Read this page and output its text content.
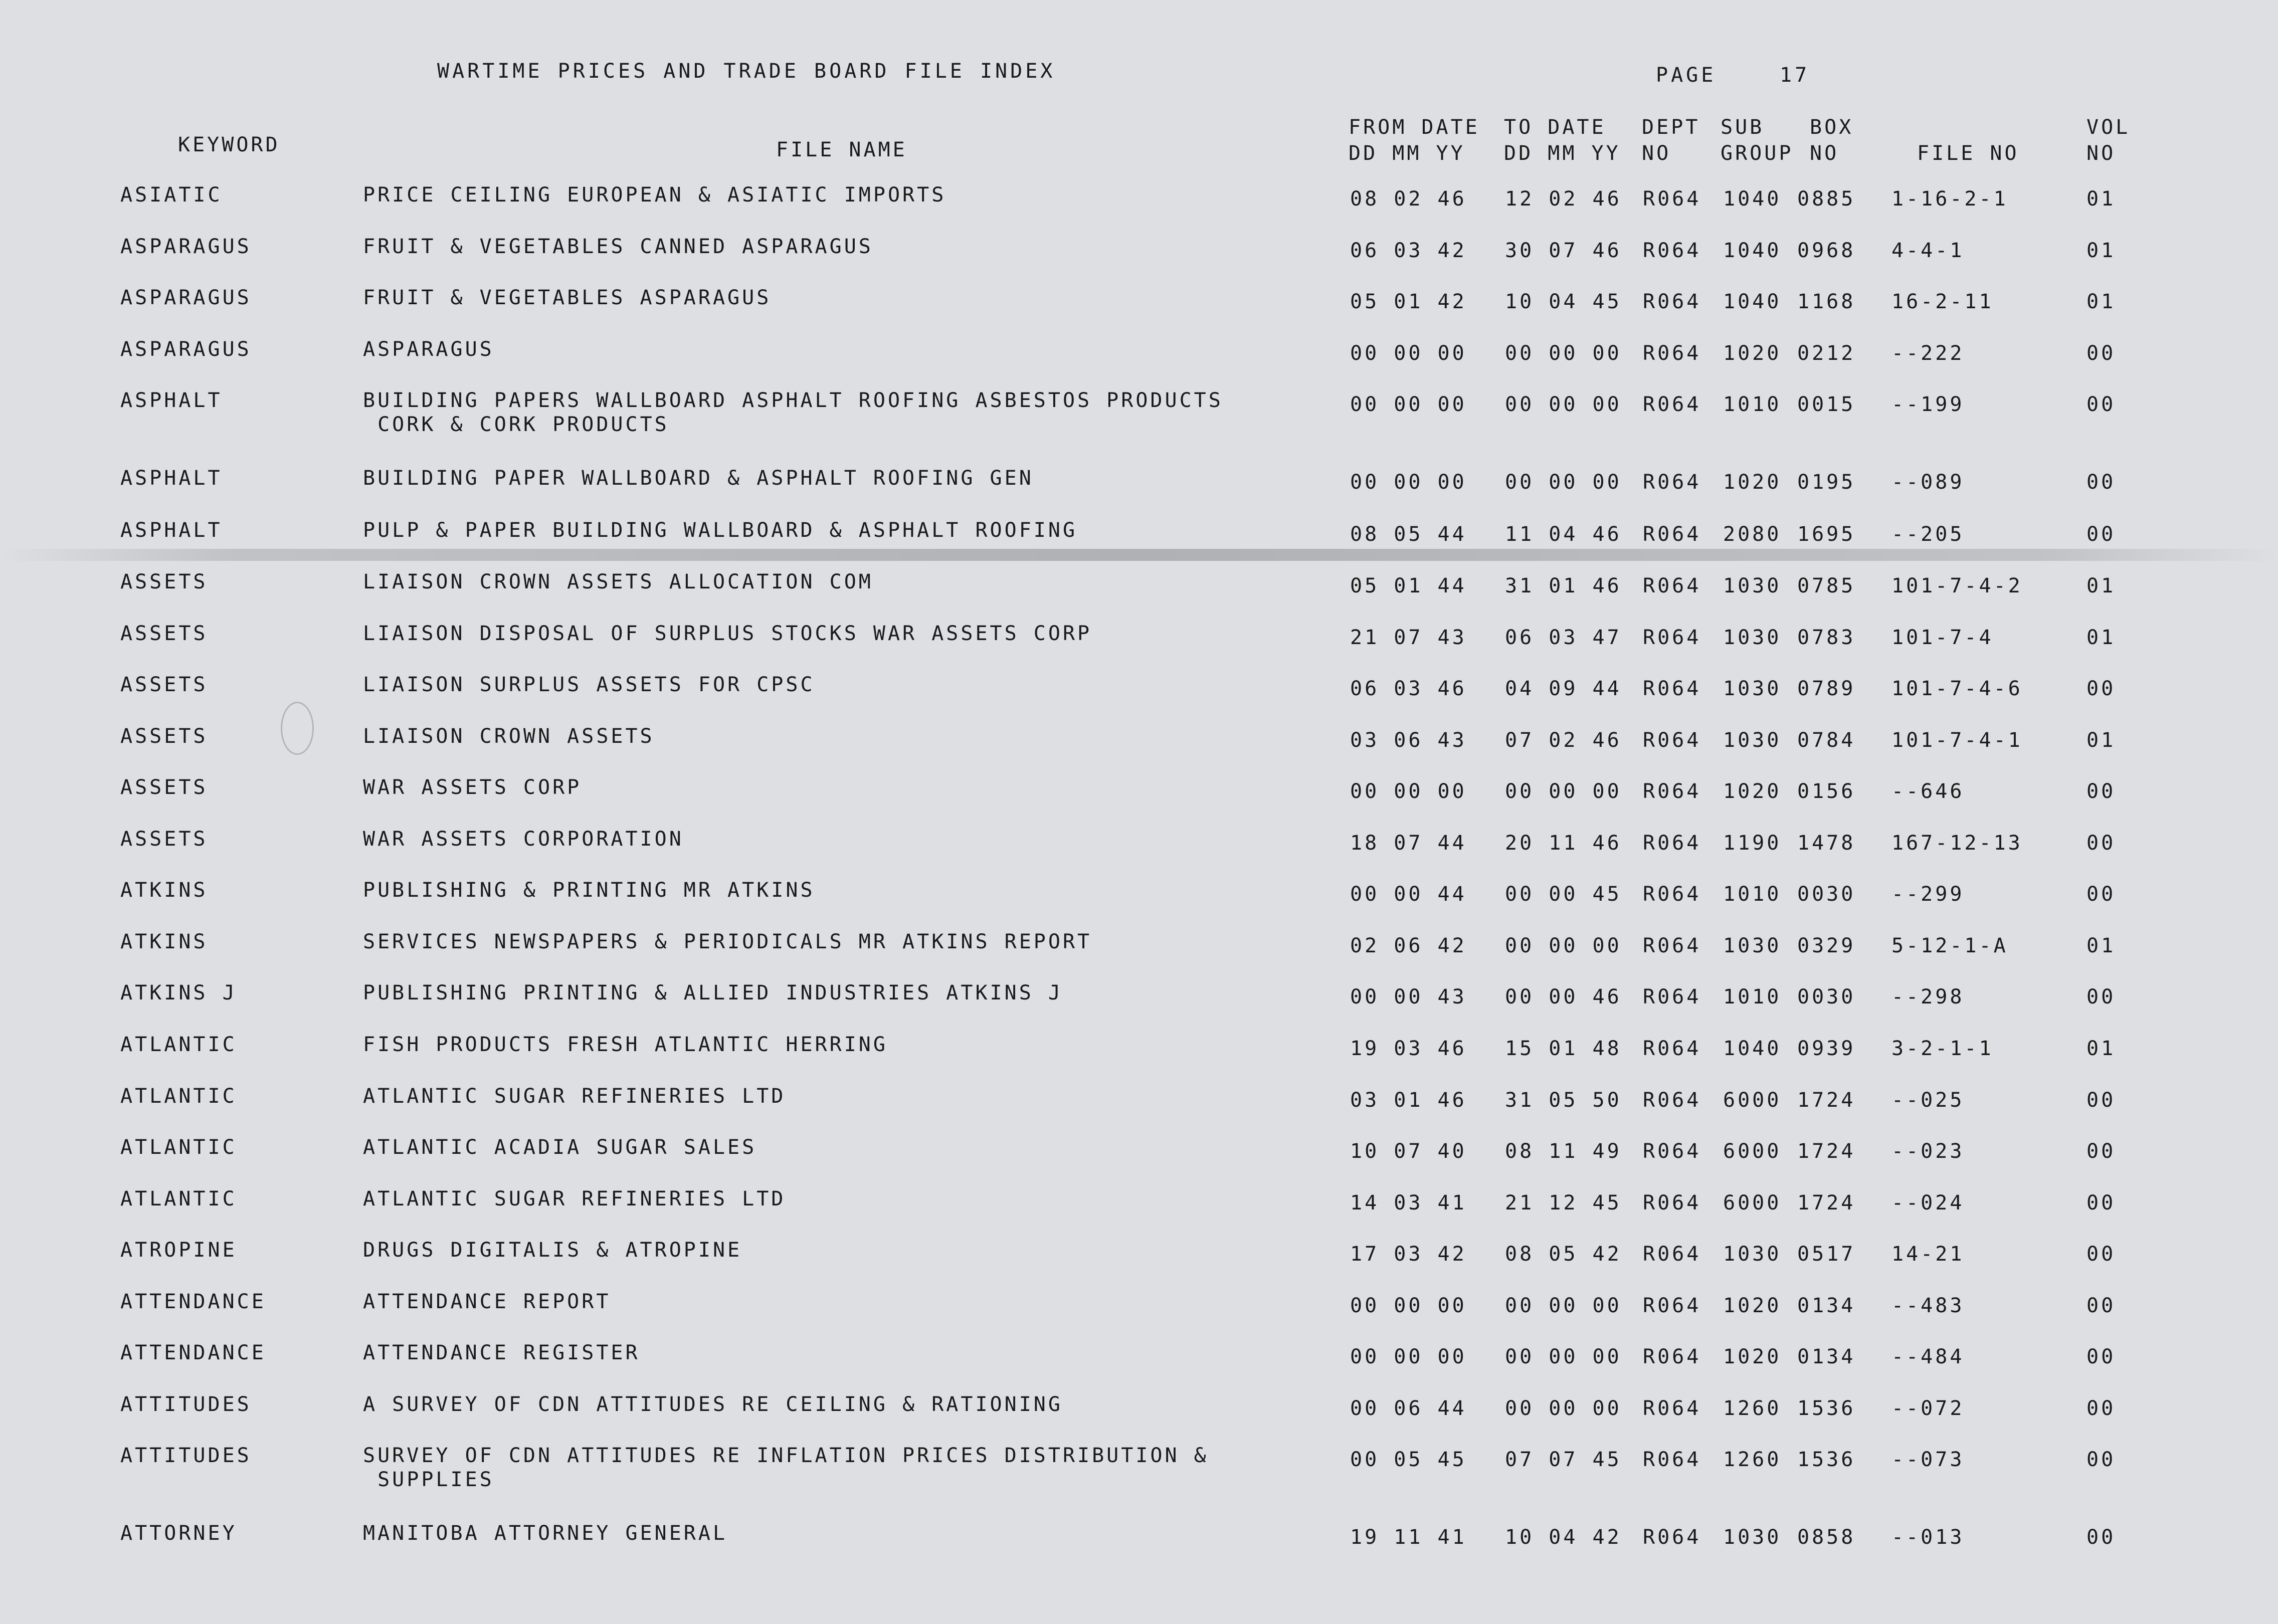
WARTIME PRICES AND TRADE BOARD FILE INDEX	PAGE	17
KEYWORD	FILE NAME
FROM DATE
DD MM YY
TO DATE
DD MM YY
DEPT
NO
SUB
GROUP
BOX
NO	FILE NO
VOL
NO
ASIATIC	PRICE CEILING EUROPEAN & ASIATIC IMPORTS	08 02 46 12 02 46 R064 1040 0885 1-16-2-1	01
ASPARAGUS	FRUIT & VEGETABLES CANNED ASPARAGUS	06 03 42 30 07 46 R064 1040 0968 4-4-1	01
ASPARAGUS	FRUIT & VEGETABLES ASPARAGUS	05 01 42 10 04 45 R064 1040 1168 16-2-11	01
ASPARAGUS	ASPARAGUS	00 00 00 00 00 00 R064 1020 0212 --222	00
ASPHALT	BUILDING PAPERS WALLBOARD ASPHALT ROOFING ASBESTOS PRODUCTS
CORK & CORK PRODUCTS
00 00 00 00 00 00 R064 1010 0015 --199	00
ASPHALT	BUILDING PAPER WALLBOARD & ASPHALT ROOFING GEN	00 00 00 00 00 00 R064 1020 0195 --089	00
ASPHALT	PULP & PAPER BUILDING WALLBOARD & ASPHALT ROOFING	08 05 44 11 04 46 R064 2080 1695 --205	00
ASSETS	LIAISON CROWN ASSETS ALLOCATION COM	05 01 44 31 01 46 R064 1030 0785 101-7-4-2	01
ASSETS	LIAISON DISPOSAL OF SURPLUS STOCKS WAR ASSETS CORP	21 07 43 06 03 47 R064 1030 0783 101-7-4	01
ASSETS	LIAISON SURPLUS ASSETS FOR CPSC	06 03 46 04 09 44 R064 1030 0789 101-7-4-6	00
ASSETS	LIAISON CROWN ASSETS	03 06 43 07 02 46 R064 1030 0784 101-7-4-1	01
ASSETS	WAR ASSETS CORP	00 00 00 00 00 00 R064 1020 0156 --646	00
ASSETS	WAR ASSETS CORPORATION	18 07 44 20 11 46 R064 1190 1478 167-12-13	00
ATKINS	PUBLISHING & PRINTING MR ATKINS	00 00 44 00 00 45 R064 1010 0030 --299	00
ATKINS	SERVICES NEWSPAPERS & PERIODICALS MR ATKINS REPORT	02 06 42 00 00 00 R064 1030 0329 5-12-1-A	01
ATKINS J	PUBLISHING PRINTING & ALLIED INDUSTRIES ATKINS J	00 00 43 00 00 46 R064 1010 0030 --298	00
ATLANTIC	FISH PRODUCTS FRESH ATLANTIC HERRING	19 03 46 15 01 48 R064 1040 0939 3-2-1-1	01
ATLANTIC	ATLANTIC SUGAR REFINERIES LTD	03 01 46 31 05 50 R064 6000 1724 --025	00
ATLANTIC	ATLANTIC ACADIA SUGAR SALES	10 07 40 08 11 49 R064 6000 1724 --023	00
ATLANTIC	ATLANTIC SUGAR REFINERIES LTD	14 03 41 21 12 45 R064 6000 1724 --024	00
ATROPINE	DRUGS DIGITALIS & ATROPINE	17 03 42 08 05 42 R064 1030 0517 14-21	00
ATTENDANCE	ATTENDANCE REPORT	00 00 00 00 00 00 R064 1020 0134 --483	00
ATTENDANCE	ATTENDANCE REGISTER	00 00 00 00 00 00 R064 1020 0134 --484	00
ATTITUDES	A SURVEY OF CDN ATTITUDES RE CEILING & RATIONING	00 06 44 00 00 00 R064 1260 1536 --072	00
ATTITUDES	SURVEY OF CDN ATTITUDES RE INFLATION PRICES DISTRIBUTION &
SUPPLIES
00 05 45 07 07 45 R064 1260 1536 --073	00
ATTORNEY	MANITOBA ATTORNEY GENERAL	19 11 41 10 04 42 R064 1030 0858 --013	00
